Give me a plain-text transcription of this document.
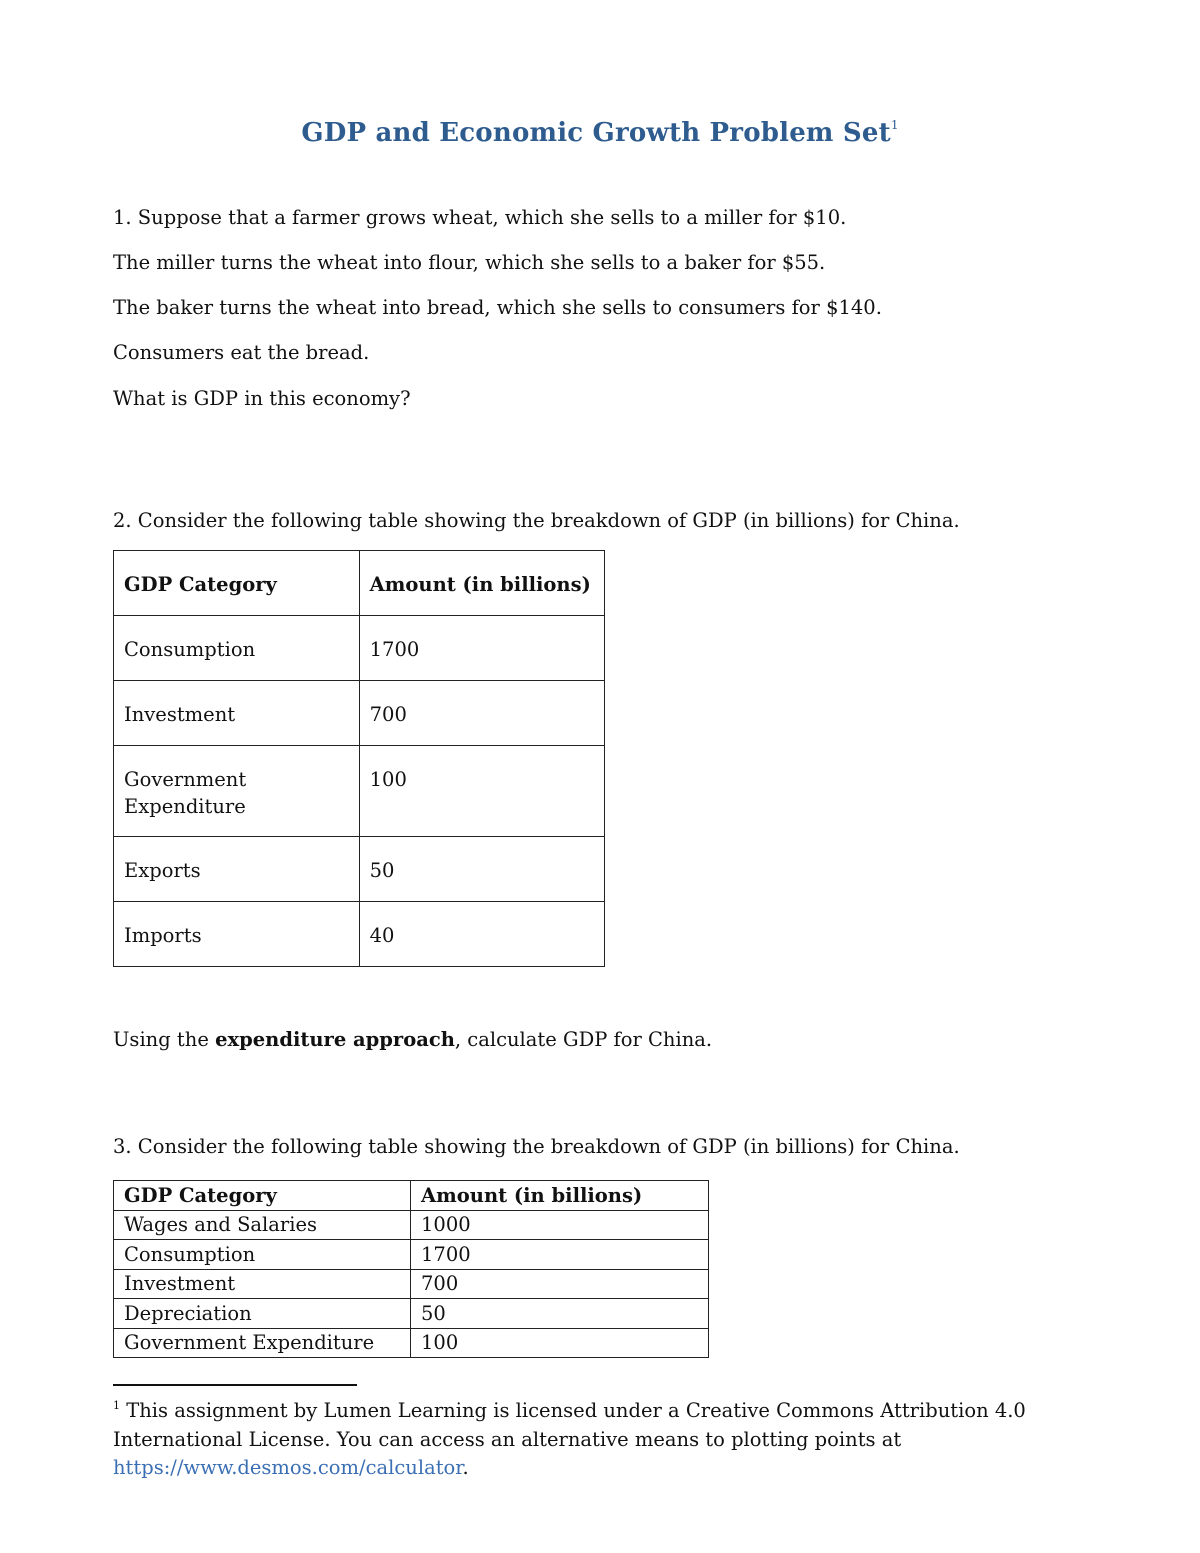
GDP and Economic Growth Problem Set$^1$
1. Suppose that a farmer grows wheat, which she sells to a miller for $10.
The miller turns the wheat into flour, which she sells to a baker for $55.
The baker turns the wheat into bread, which she sells to consumers for $140.
Consumers eat the bread.
What is GDP in this economy?
2. Consider the following table showing the breakdown of GDP (in billions) for China.
GDP Category	Amount (in billions)
Consumption	1700
Investment	700

Government Expenditure	100
Exports	50
Imports	40
Using the expenditure approach, calculate GDP for China.
3. Consider the following table showing the breakdown of GDP (in billions) for China.
GDP Category	Amount (in billions)
Wages and Salaries	1000
Consumption	1700
Investment	700
Depreciation	50
Government Expenditure	100
$^1$ This assignment by Lumen Learning is licensed under a Creative Commons Attribution 4.0 International License. You can access an alternative means to plotting points at https://www.desmos.com/calculator.
